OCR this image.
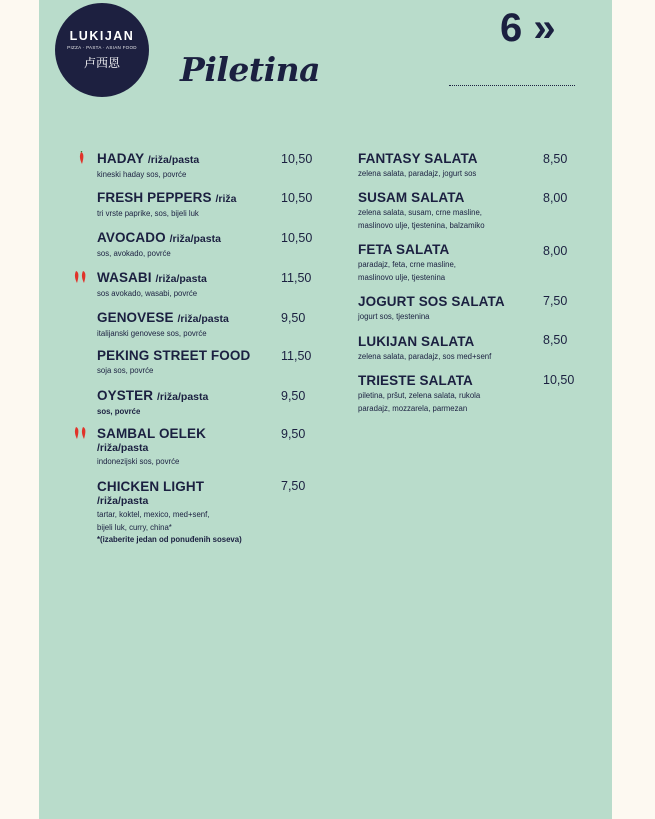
LUKIJAN
PIZZA · PASTA · ASIAN FOOD
卢西恩	Piletina
6 »
HADAY /riža/pasta
kineski haday sos, povrće
10,50
FRESH PEPPERS /riža
tri vrste paprike, sos, bijeli luk
10,50
AVOCADO /riža/pasta
sos, avokado, povrće
10,50
WASABI /riža/pasta
sos avokado, wasabi, povrće
11,50
GENOVESE /riža/pasta
italijanski genovese sos, povrće
9,50
PEKING STREET FOOD
soja sos, povrće
11,50
OYSTER /riža/pasta
sos, povrće
9,50
SAMBAL OELEK
/riža/pasta
indonezijski sos, povrće
9,50
CHICKEN LIGHT
/riža/pasta
tartar, koktel, mexico, med+senf,
bijeli luk, curry, china*
*(izaberite jedan od ponuđenih soseva)
7,50
FANTASY SALATA
zelena salata, paradajz, jogurt sos
8,50
SUSAM SALATA
zelena salata, susam, crne masline,
maslinovo ulje, tjestenina, balzamiko
8,00
FETA SALATA
paradajz, feta, crne masline,
maslinovo ulje, tjestenina
8,00
JOGURT SOS SALATA
jogurt sos, tjestenina
7,50
LUKIJAN SALATA
zelena salata, paradajz, sos med+senf
8,50
TRIESTE SALATA
piletina, pršut, zelena salata, rukola
paradajz, mozzarela, parmezan
10,50
